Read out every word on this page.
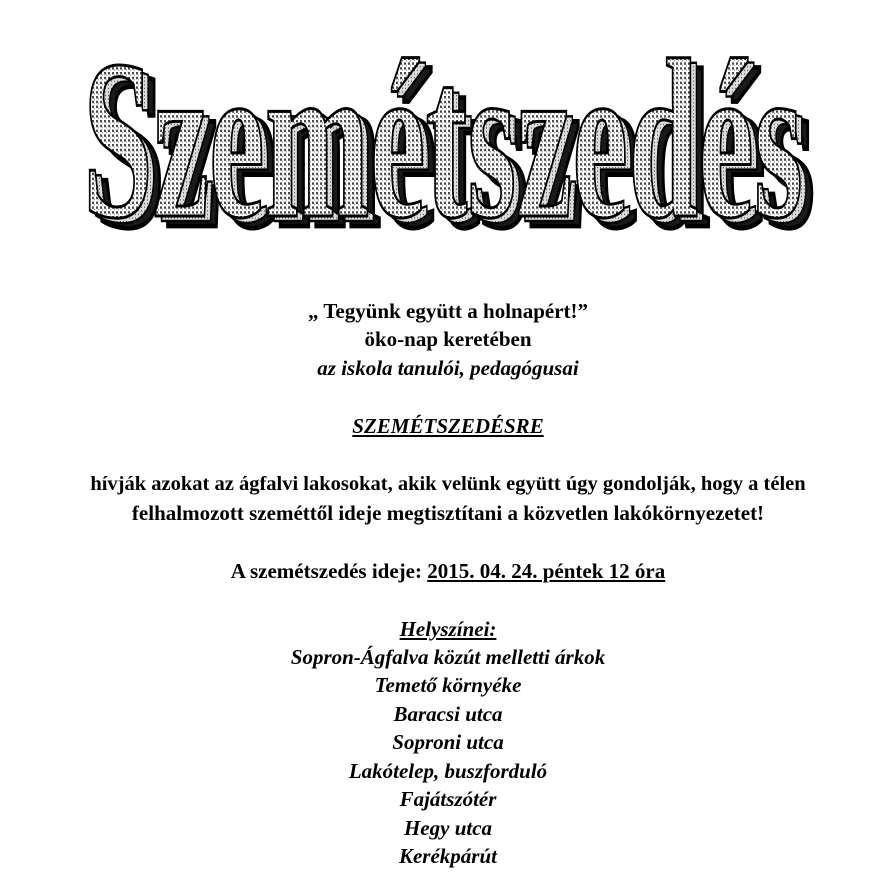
Szemétszedés
Szemétszedés
Szemétszedés
„ Tegyünk együtt a holnapért!”
öko-nap keretében
az iskola tanulói, pedagógusai
SZEMÉTSZEDÉSRE
hívják azokat az ágfalvi lakosokat, akik velünk együtt úgy gondolják, hogy a télen
felhalmozott szeméttől ideje megtisztítani a közvetlen lakókörnyezetet!
A szemétszedés ideje: 2015. 04. 24. péntek 12 óra
Helyszínei:
Sopron-Ágfalva közút melletti árkok
Temető környéke
Baracsi utca
Soproni utca
Lakótelep, buszforduló
Fajátszótér
Hegy utca
Kerékpárút
